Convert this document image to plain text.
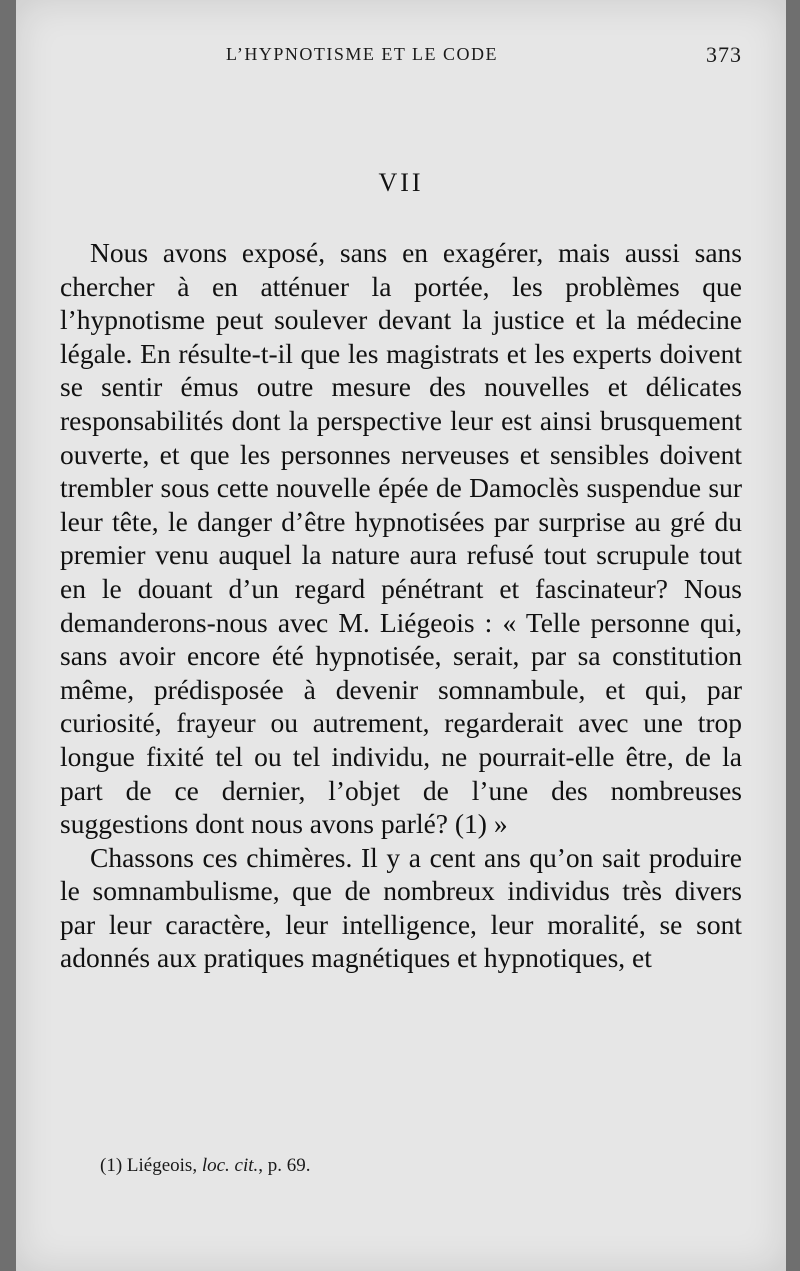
L’HYPNOTISME ET LE CODE	373
VII

Nous avons exposé, sans en exagérer, mais aussi sans chercher à en atténuer la portée, les problèmes que l’hypnotisme peut soulever devant la justice et la médecine légale. En résulte-t-il que les magistrats et les experts doivent se sentir émus outre mesure des nouvelles et délicates responsabilités dont la perspective leur est ainsi brusquement ouverte, et que les personnes nerveuses et sensibles doivent trembler sous cette nouvelle épée de Damoclès suspendue sur leur tête, le danger d’être hypnotisées par surprise au gré du premier venu auquel la nature aura refusé tout scrupule tout en le douant d’un regard pénétrant et fascinateur? Nous demanderons-nous avec M. Liégeois : « Telle personne qui, sans avoir encore été hypnotisée, serait, par sa constitution même, prédisposée à devenir somnambule, et qui, par curiosité, frayeur ou autrement, regarderait avec une trop longue fixité tel ou tel individu, ne pourrait-elle être, de la part de ce dernier, l’objet de l’une des nombreuses suggestions dont nous avons parlé? (1) »

Chassons ces chimères. Il y a cent ans qu’on sait produire le somnambulisme, que de nombreux individus très divers par leur caractère, leur intelligence, leur moralité, se sont adonnés aux pratiques magnétiques et hypnotiques, et

(1) Liégeois, loc. cit., p. 69.
